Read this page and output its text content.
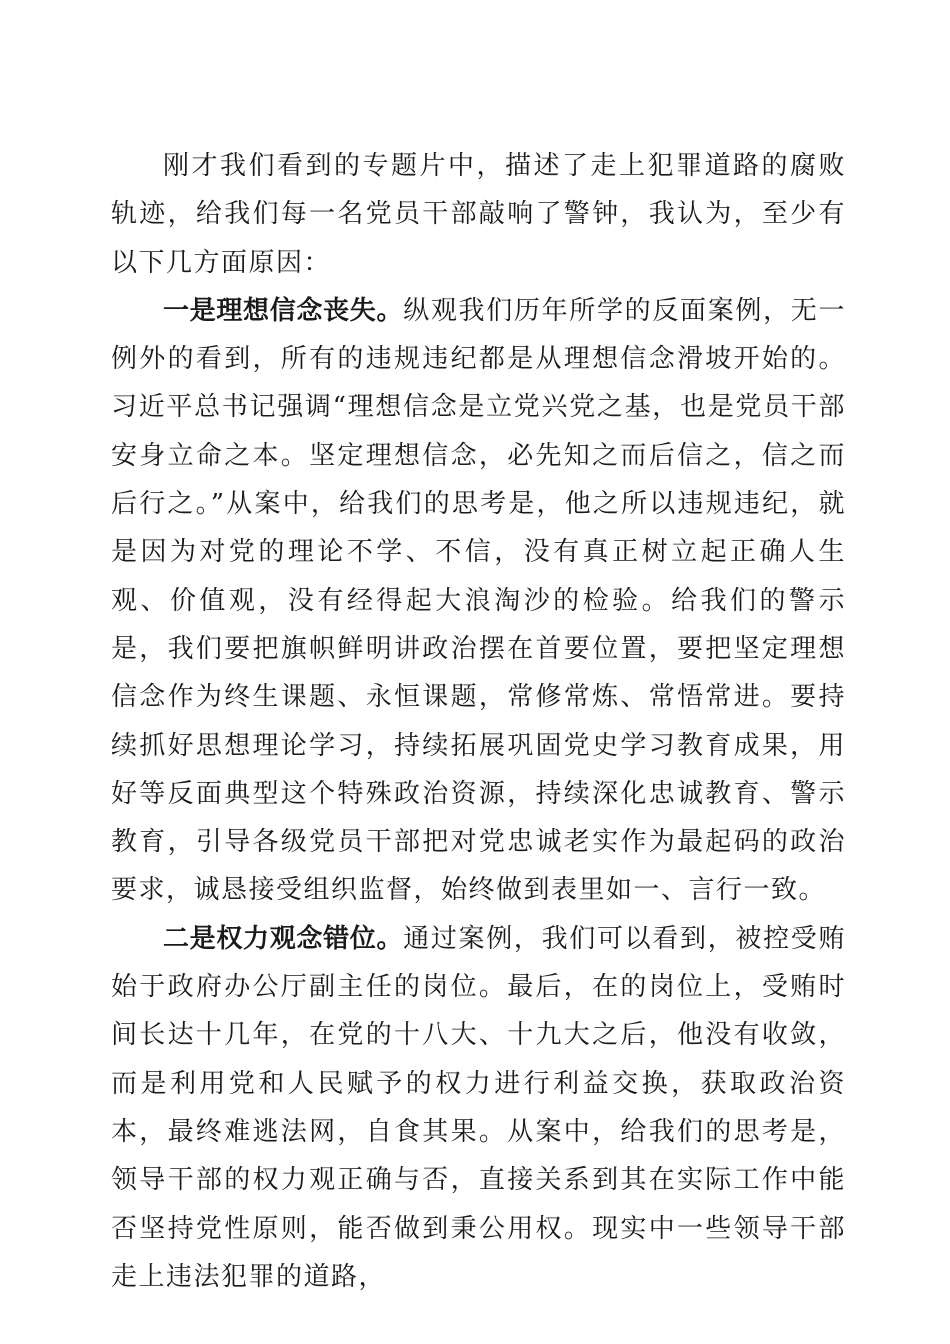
刚才我们看到的专题片中，描述了走上犯罪道路的腐败轨迹，给我们每一名党员干部敲响了警钟，我认为，至少有以下几方面原因：

一是理想信念丧失。纵观我们历年所学的反面案例，无一例外的看到，所有的违规违纪都是从理想信念滑坡开始的。习近平总书记强调“理想信念是立党兴党之基，也是党员干部安身立命之本。坚定理想信念，必先知之而后信之，信之而后行之。”从案中，给我们的思考是，他之所以违规违纪，就是因为对党的理论不学、不信，没有真正树立起正确人生观、价值观，没有经得起大浪淘沙的检验。给我们的警示是，我们要把旗帜鲜明讲政治摆在首要位置，要把坚定理想信念作为终生课题、永恒课题，常修常炼、常悟常进。要持续抓好思想理论学习，持续拓展巩固党史学习教育成果，用好等反面典型这个特殊政治资源，持续深化忠诚教育、警示教育，引导各级党员干部把对党忠诚老实作为最起码的政治要求，诚恳接受组织监督，始终做到表里如一、言行一致。

二是权力观念错位。通过案例，我们可以看到，被控受贿始于政府办公厅副主任的岗位。最后，在的岗位上，受贿时间长达十几年，在党的十八大、十九大之后，他没有收敛，而是利用党和人民赋予的权力进行利益交换，获取政治资本，最终难逃法网，自食其果。从案中，给我们的思考是，领导干部的权力观正确与否，直接关系到其在实际工作中能否坚持党性原则，能否做到秉公用权。现实中一些领导干部走上违法犯罪的道路，
